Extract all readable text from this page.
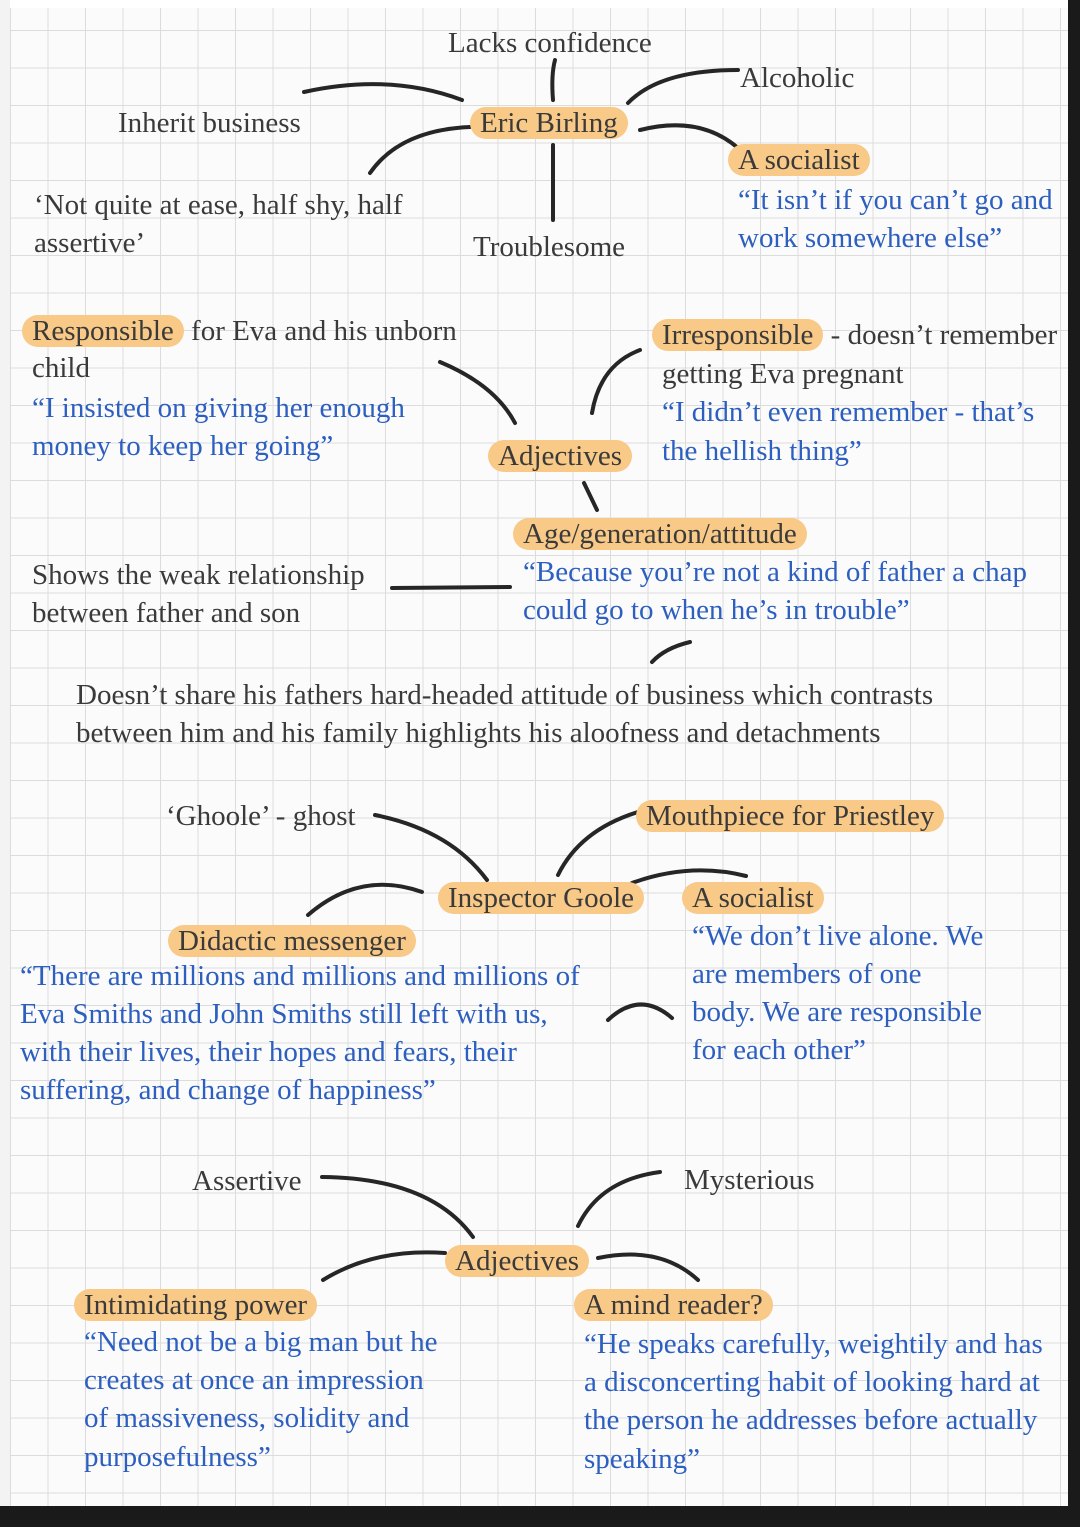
Lacks confidence
Alcoholic
Inherit business	Eric Birling
A socialist
“It isn’t if you can’t go and
work somewhere else”
‘Not quite at ease, half shy, half
assertive’	Troublesome
Responsible for Eva and his unborn
child
“I insisted on giving her enough
money to keep her going”
Irresponsible - doesn’t remember
getting Eva pregnant
“I didn’t even remember - that’s
the hellish thing”
Adjectives
Age/generation/attitude
“Because you’re not a kind of father a chap
could go to when he’s in trouble”
Shows the weak relationship
between father and son
Doesn’t share his fathers hard-headed attitude of business which contrasts
between him and his family highlights his aloofness and detachments
‘Ghoole’ - ghost	Mouthpiece for Priestley
Inspector Goole	A socialist
“We don’t live alone. We
are members of one
body. We are responsible
for each other”
Didactic messenger
“There are millions and millions and millions of
Eva Smiths and John Smiths still left with us,
with their lives, their hopes and fears, their
suffering, and change of happiness”
Assertive	Mysterious
Adjectives
Intimidating power
“Need not be a big man but he
creates at once an impression
of massiveness, solidity and
purposefulness”
A mind reader?
“He speaks carefully, weightily and has
a disconcerting habit of looking hard at
the person he addresses before actually
speaking”
